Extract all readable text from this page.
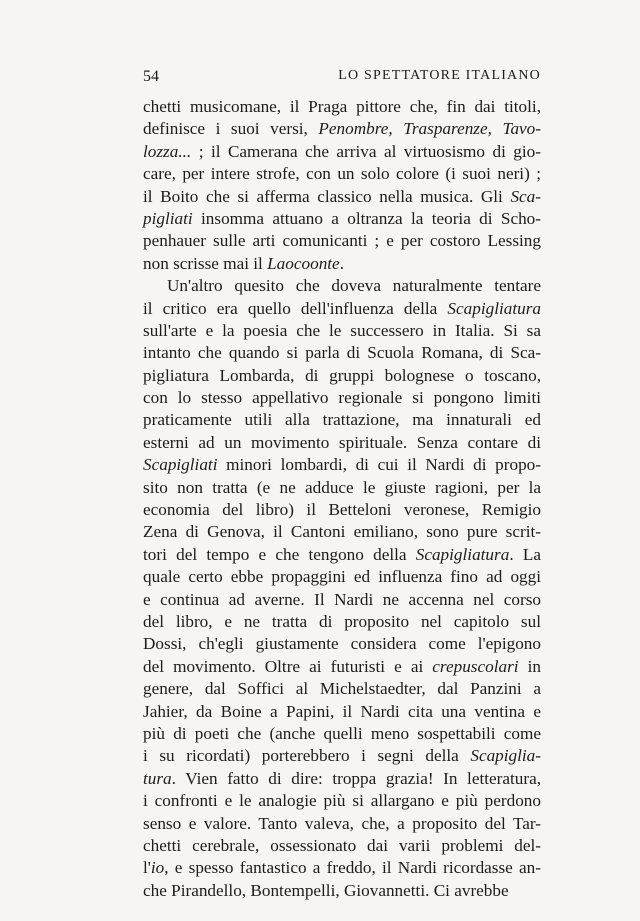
54	LO SPETTATORE ITALIANO
chetti musicomane, il Praga pittore che, fin dai titoli,
definisce i suoi versi, Penombre, Trasparenze, Tavo-
lozza... ; il Camerana che arriva al virtuosismo di gio-
care, per intere strofe, con un solo colore (i suoi neri) ;
il Boito che si afferma classico nella musica. Gli Sca-
pigliati insomma attuano a oltranza la teoria di Scho-
penhauer sulle arti comunicanti ; e per costoro Lessing
non scrisse mai il Laocoonte.
Un'altro quesito che doveva naturalmente tentare
il critico era quello dell'influenza della Scapigliatura
sull'arte e la poesia che le successero in Italia. Si sa
intanto che quando si parla di Scuola Romana, di Sca-
pigliatura Lombarda, di gruppi bolognese o toscano,
con lo stesso appellativo regionale si pongono limiti
praticamente utili alla trattazione, ma innaturali ed
esterni ad un movimento spirituale. Senza contare di
Scapigliati minori lombardi, di cui il Nardi di propo-
sito non tratta (e ne adduce le giuste ragioni, per la
economia del libro) il Betteloni veronese, Remigio
Zena di Genova, il Cantoni emiliano, sono pure scrit-
tori del tempo e che tengono della Scapigliatura. La
quale certo ebbe propaggini ed influenza fino ad oggi
e continua ad averne. Il Nardi ne accenna nel corso
del libro, e ne tratta di proposito nel capitolo sul
Dossi, ch'egli giustamente considera come l'epigono
del movimento. Oltre ai futuristi e ai crepuscolari in
genere, dal Soffici al Michelstaedter, dal Panzini a
Jahier, da Boine a Papini, il Nardi cita una ventina e
più di poeti che (anche quelli meno sospettabili come
i su ricordati) porterebbero i segni della Scapiglia-
tura. Vien fatto di dire: troppa grazia! In letteratura,
i confronti e le analogie più si allargano e più perdono
senso e valore. Tanto valeva, che, a proposito del Tar-
chetti cerebrale, ossessionato dai varii problemi del-
l'io, e spesso fantastico a freddo, il Nardi ricordasse an-
che Pirandello, Bontempelli, Giovannetti. Ci avrebbe
